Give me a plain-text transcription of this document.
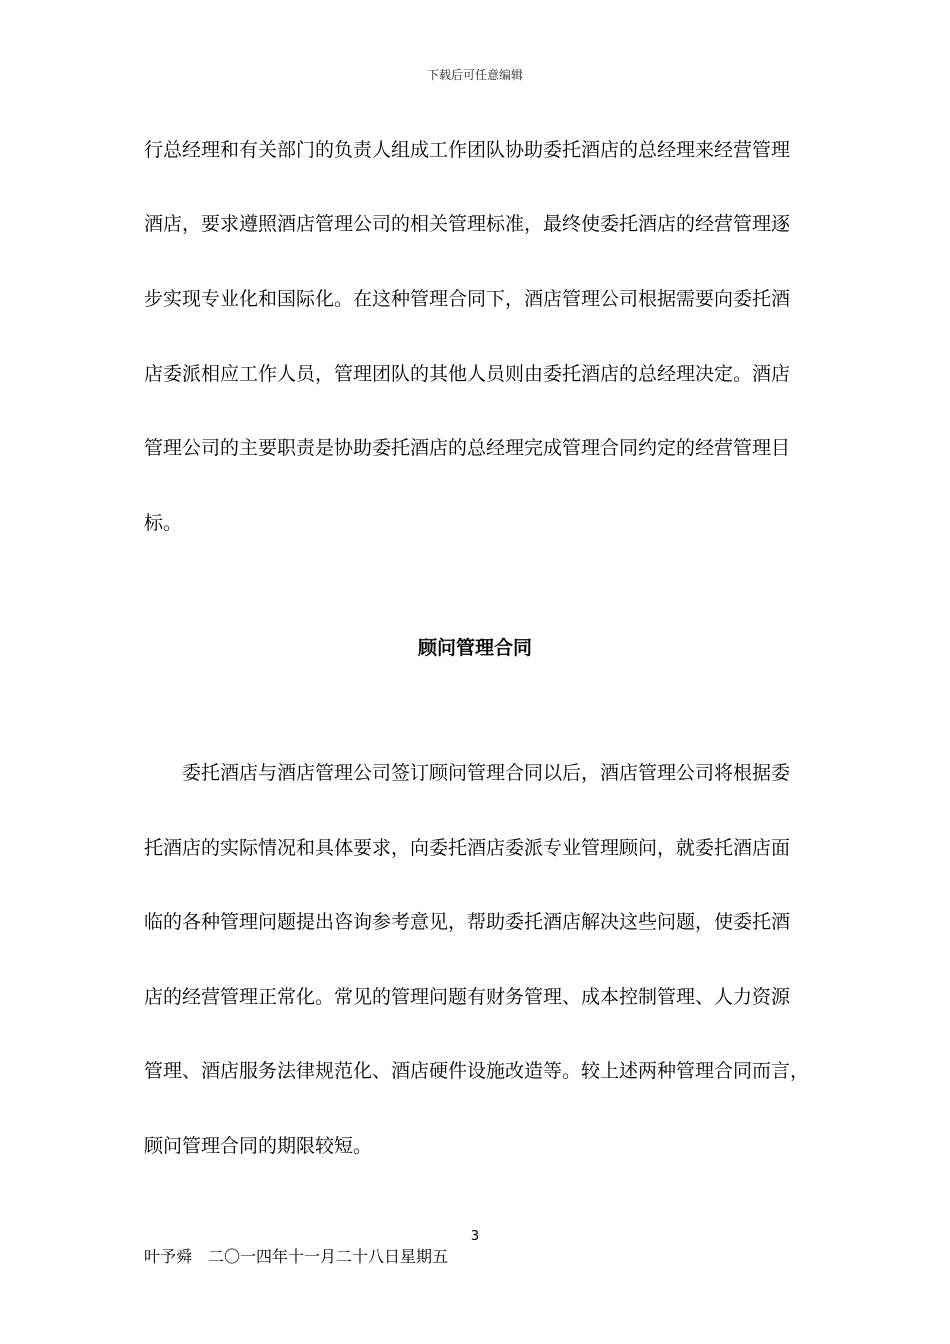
下载后可任意编辑
行总经理和有关部门的负责人组成工作团队协助委托酒店的总经理来经营管理
酒店，要求遵照酒店管理公司的相关管理标准，最终使委托酒店的经营管理逐
步实现专业化和国际化。在这种管理合同下，酒店管理公司根据需要向委托酒
店委派相应工作人员，管理团队的其他人员则由委托酒店的总经理决定。酒店
管理公司的主要职责是协助委托酒店的总经理完成管理合同约定的经营管理目
标。
顾问管理合同
委托酒店与酒店管理公司签订顾问管理合同以后，酒店管理公司将根据委
托酒店的实际情况和具体要求，向委托酒店委派专业管理顾问，就委托酒店面
临的各种管理问题提出咨询参考意见，帮助委托酒店解决这些问题，使委托酒
店的经营管理正常化。常见的管理问题有财务管理、成本控制管理、人力资源
管理、酒店服务法律规范化、酒店硬件设施改造等。较上述两种管理合同而言，
顾问管理合同的期限较短。
3
叶予舜　二〇一四年十一月二十八日星期五
